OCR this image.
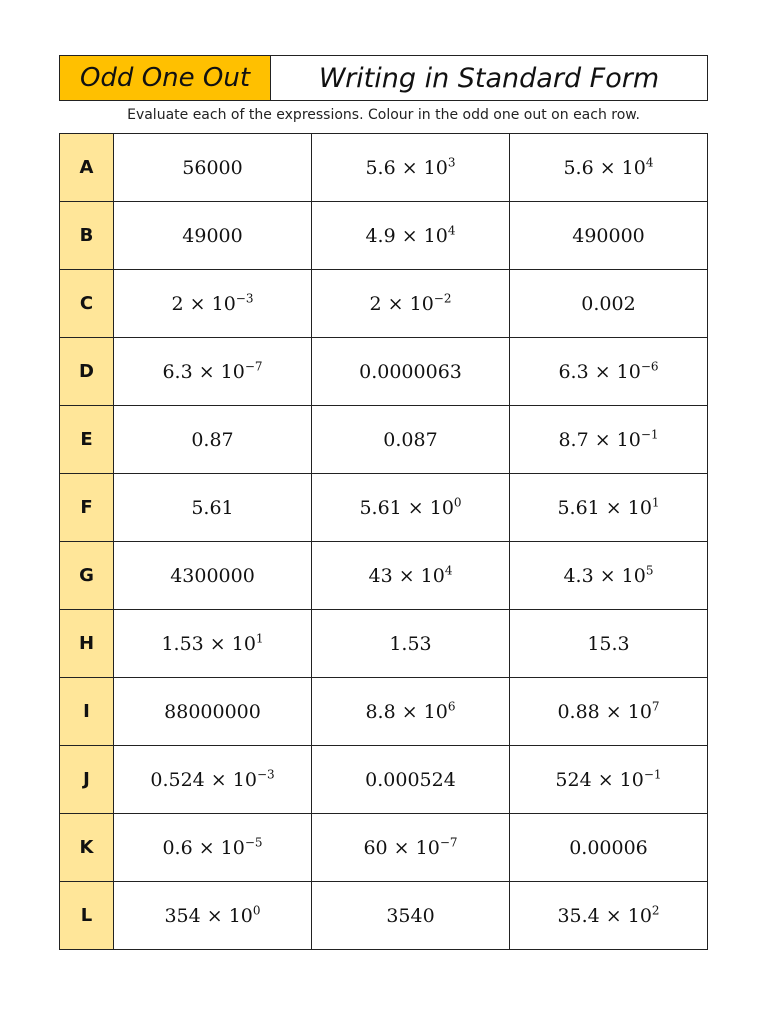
Odd One Out	Writing in Standard Form
Evaluate each of the expressions. Colour in the odd one out on each row.
A	56000	$5.6 \times 10^3$	$5.6 \times 10^4$
B	49000	$4.9 \times 10^4$	490000
C	$2 \times 10^{-3}$	$2 \times 10^{-2}$	0.002
D	$6.3 \times 10^{-7}$	0.0000063	$6.3 \times 10^{-6}$
E	0.87	0.087	$8.7 \times 10^{-1}$
F	5.61	$5.61 \times 10^0$	$5.61 \times 10^1$
G	4300000	$43 \times 10^4$	$4.3 \times 10^5$
H	$1.53 \times 10^1$	1.53	15.3
I	88000000	$8.8 \times 10^6$	$0.88 \times 10^7$
J	$0.524 \times 10^{-3}$	0.000524	$524 \times 10^{-1}$
K	$0.6 \times 10^{-5}$	$60 \times 10^{-7}$	0.00006
L	$354 \times 10^0$	3540	$35.4 \times 10^2$
